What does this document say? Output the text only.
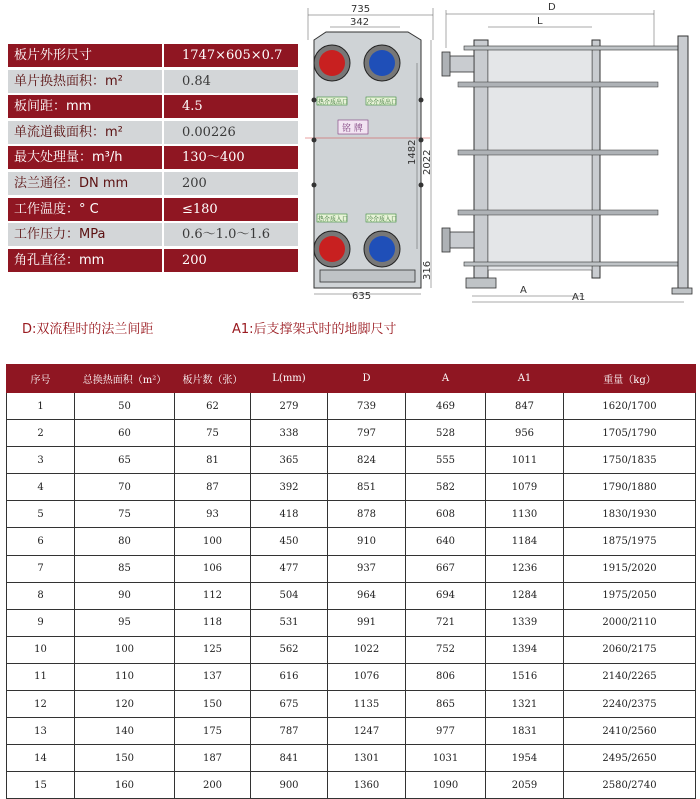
板片外形尺寸	1747×605×0.7
单片换热面积：m²	0.84
板间距：mm	4.5
单流道截面积：m²	0.00226
最大处理量：m³/h	130～400
法兰通径：DN mm	200
工作温度：° C	≤180
工作压力：MPa	0.6～1.0～1.6
角孔直径：mm	200
735
342
热介质出口	冷介质出口
热介质入口	冷介质入口
铭 牌
1482 2022
316
635
D
L
A
A1
D:双流程时的法兰间距	A1:后支撑架式时的地脚尺寸
序号	总换热面积（m²）	板片数（张）	L(mm)	D	A	A1	重量（kg）
1	50	62	279	739	469	847	1620/1700
2	60	75	338	797	528	956	1705/1790
3	65	81	365	824	555	1011	1750/1835
4	70	87	392	851	582	1079	1790/1880
5	75	93	418	878	608	1130	1830/1930
6	80	100	450	910	640	1184	1875/1975
7	85	106	477	937	667	1236	1915/2020
8	90	112	504	964	694	1284	1975/2050
9	95	118	531	991	721	1339	2000/2110
10	100	125	562	1022	752	1394	2060/2175
11	110	137	616	1076	806	1516	2140/2265
12	120	150	675	1135	865	1321	2240/2375
13	140	175	787	1247	977	1831	2410/2560
14	150	187	841	1301	1031	1954	2495/2650
15	160	200	900	1360	1090	2059	2580/2740
